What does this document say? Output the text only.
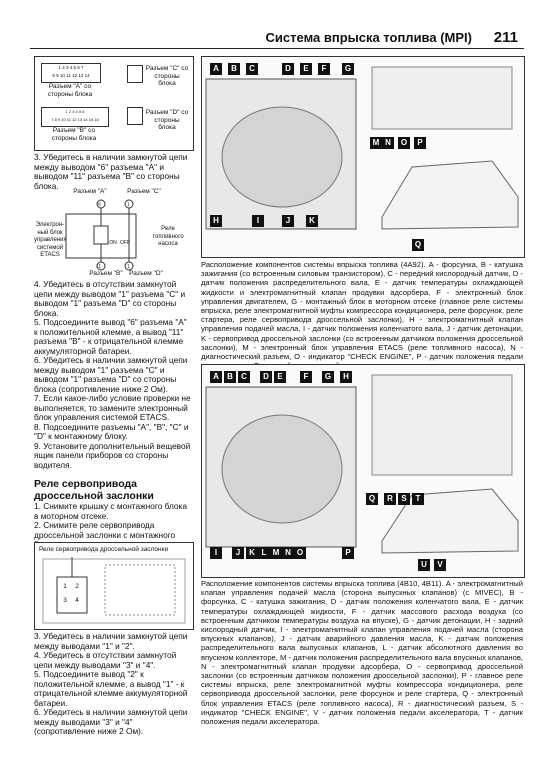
Система впрыска топлива (MPI) 211
1 2 3 4 5 6 7
8 9 10 11 12 13 14
Разъем "А" со стороны блока
1 2 3 4 5 6
7 8 9 10 11 12 13 14 15 16
Разъем "B" со стороны блока
Разъем "С" со стороны блока
Разъем "D" со стороны блока

3. Убедитесь в наличии замкнутой цепи между выводом "6" разъема "A" и выводом "11" разъема "B" со стороны блока.

6	1
11	1
Разъем "A"	Разъем "C"
Разъем "B" Разъем "D"
Электрон-ный блок управления системой ETACS
Реле топливного насоса
ON OFF

4. Убедитесь в отсутствии замкнутой цепи между выводом "1" разъема "C" и выводом "1" разъема "D" со стороны блока.

5. Подсоедините вывод "6" разъема "A" к положительной клемме, а вывод "11" разъема "B" - к отрицательной клемме аккумуляторной батареи.

6. Убедитесь в наличии замкнутой цепи между выводом "1" разъема "C" и выводом "1" разъема "D" со стороны блока (сопротивление ниже 2 Ом).

7. Если какое-либо условие проверки не выполняется, то замените электронный блок управления системой ETACS.

8. Подсоедините разъемы "A", "B", "C" и "D" к монтажному блоку.

9. Установите дополнительный вещевой ящик панели приборов со стороны водителя.

Реле сервопривода дроссельной заслонки

1. Снимите крышку с монтажного блока в моторном отсеке.

2. Снимите реле сервопривода дроссельной заслонки с монтажного

Реле сервопривода дроссельной заслонки
1	2
3	4

3. Убедитесь в наличии замкнутой цепи между выводами "1" и "2".

4. Убедитесь в отсутствии замкнутой цепи между выводами "3" и "4".

5. Подсоедините вывод "2" к положительной клемме, а вывод "1" - к отрицательной клемме аккумуляторной батареи.

6. Убедитесь в наличии замкнутой цепи между выводами "3" и "4" (сопротивление ниже 2 Ом).

A	B	C	D	E	F	G
M N	O	P
H	I	J	K
Q

Расположение компонентов системы впрыска топлива (4A92). A - форсунка, B - катушка зажигания (со встроенным силовым транзистором), C - передний кислородный датчик, D - датчик положения распределительного вала, E - датчик температуры охлаждающей жидкости и электромагнитный клапан продувки адсорбера, F - электронный блок управления двигателем, G - монтажный блок в моторном отсеке (главное реле системы впрыска, реле электромагнитной муфты компрессора кондиционера, реле форсунок, реле стартера, реле сервопривода дроссельной заслонки), H - электромагнитный клапан управления подачей масла, I - датчик положения коленчатого вала, J - датчик детонации, K - сервопривод дроссельной заслонки (со встроенным датчиком положения дроссельной заслонки), M - электронный блок управления ETACS (реле топливного насоса), N - диагностический разъем, O - индикатор "CHECK ENGINE", P - датчик положения педали

A	B	C	D	E	F	G	H
Q	R	S	T
I	J	K L M N O	P
U	V

Расположение компонентов системы впрыска топлива (4B10, 4B11). A - электромагнитный клапан управления подачей масла (сторона выпускных клапанов) (с MIVEC), B - форсунка, C - катушка зажигания, D - датчик положения коленчатого вала, E - датчик температуры охлаждающей жидкости, F - датчик массового расхода воздуха (со встроенным датчиком температуры воздуха на впуске), G - датчик детонации, H - задний кислородный датчик, I - электромагнитный клапан управления подачей масла (сторона впускных клапанов), J - датчик аварийного давления масла, K - датчик положения распределительного вала выпускных клапанов, L - датчик абсолютного давления во впускном коллекторе, M - датчик положения распределительного вала впускных клапанов, N - электромагнитный клапан продувки адсорбера, O - сервопривод дроссельной заслонки (со встроенным датчиком положения дроссельной заслонки), P - главное реле системы впрыска, реле электромагнитной муфты компрессора кондиционера, реле сервопривода дроссельной заслонки, реле форсунок и реле стартера, Q - электронный блок управления ETACS (реле топливного насоса), R - диагностический разъем, S - индикатор "CHECK ENGINE", V - датчик положения педали акселератора, T - датчик положения педали акселератора.
